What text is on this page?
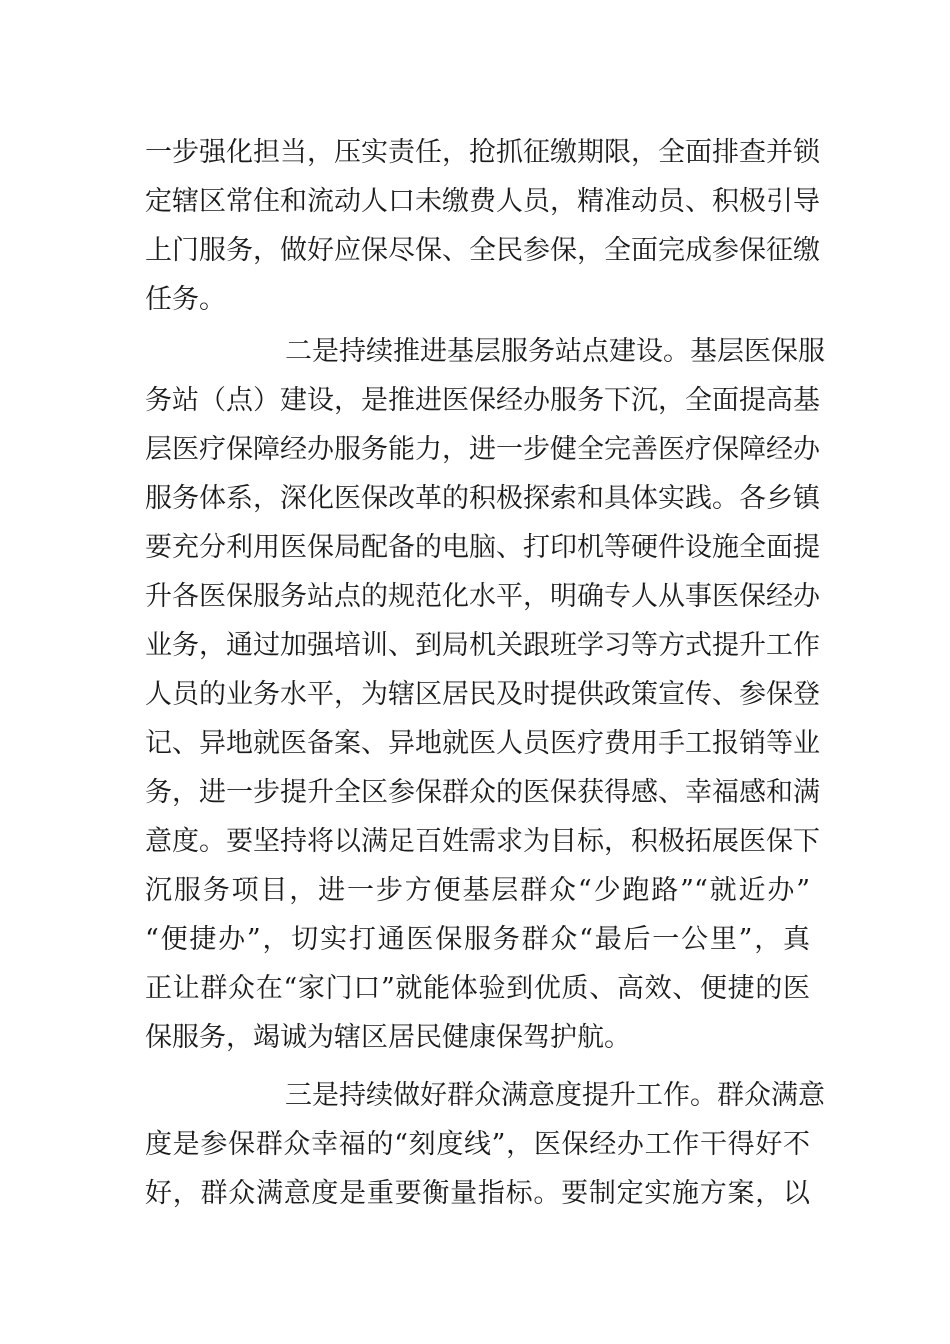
一步强化担当，压实责任，抢抓征缴期限，全面排查并锁
定辖区常住和流动人口未缴费人员，精准动员、积极引导
上门服务，做好应保尽保、全民参保，全面完成参保征缴
任务。
二是持续推进基层服务站点建设。基层医保服
务站（点）建设，是推进医保经办服务下沉，全面提高基
层医疗保障经办服务能力，进一步健全完善医疗保障经办
服务体系，深化医保改革的积极探索和具体实践。各乡镇
要充分利用医保局配备的电脑、打印机等硬件设施全面提
升各医保服务站点的规范化水平，明确专人从事医保经办
业务，通过加强培训、到局机关跟班学习等方式提升工作
人员的业务水平，为辖区居民及时提供政策宣传、参保登
记、异地就医备案、异地就医人员医疗费用手工报销等业
务，进一步提升全区参保群众的医保获得感、幸福感和满
意度。要坚持将以满足百姓需求为目标，积极拓展医保下
沉服务项目，进一步方便基层群众“少跑路”“就近办”
“便捷办”，切实打通医保服务群众“最后一公里”，真
正让群众在“家门口”就能体验到优质、高效、便捷的医
保服务，竭诚为辖区居民健康保驾护航。
三是持续做好群众满意度提升工作。群众满意
度是参保群众幸福的“刻度线”，医保经办工作干得好不
好，群众满意度是重要衡量指标。要制定实施方案，以
